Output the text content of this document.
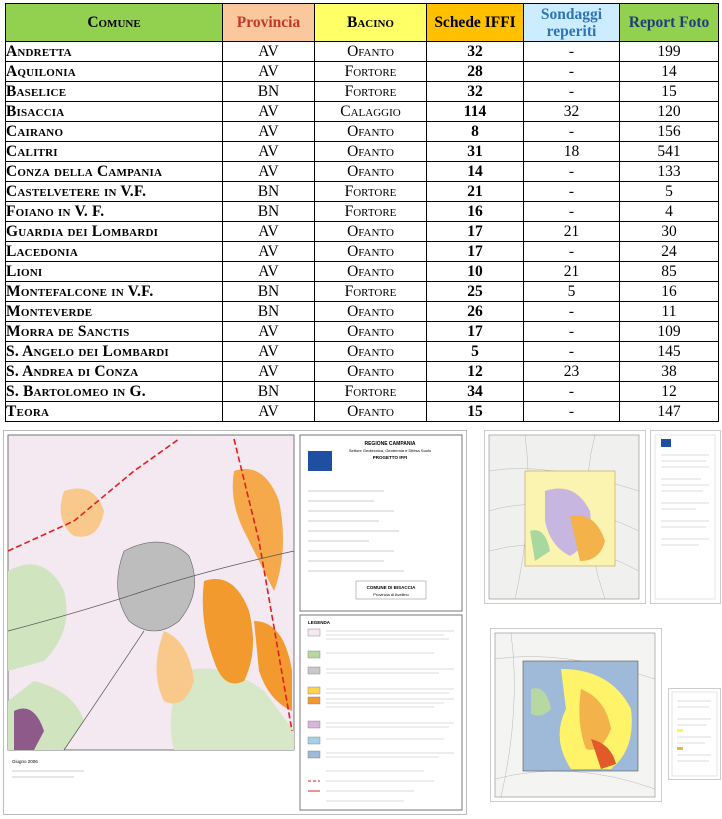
Comune	Provincia	Bacino	Schede IFFI	Sondaggi reperiti	Report Foto
Andretta	AV	Ofanto	32	-	199
Aquilonia	AV	Fortore	28	-	14
Baselice	BN	Fortore	32	-	15
Bisaccia	AV	Calaggio	114	32	120
Cairano	AV	Ofanto	8	-	156
Calitri	AV	Ofanto	31	18	541
Conza della Campania	AV	Ofanto	14	-	133
Castelvetere in V.F.	BN	Fortore	21	-	5
Foiano in V. F.	BN	Fortore	16	-	4
Guardia dei Lombardi	AV	Ofanto	17	21	30
Lacedonia	AV	Ofanto	17	-	24
Lioni	AV	Ofanto	10	21	85
Montefalcone in V.F.	BN	Fortore	25	5	16
Monteverde	BN	Ofanto	26	-	11
Morra de Sanctis	AV	Ofanto	17	-	109
S. Angelo dei Lombardi	AV	Ofanto	5	-	145
S. Andrea di Conza	AV	Ofanto	12	23	38
S. Bartolomeo in G.	BN	Fortore	34	-	12
Teora	AV	Ofanto	15	-	147
REGIONE CAMPANIA
Settore Geotecnica, Geotermia e Difesa Suolo
PROGETTO IFFI
COMUNE DI BISACCIA
Provincia di Avellino
LEGENDA
Giugno 2006
